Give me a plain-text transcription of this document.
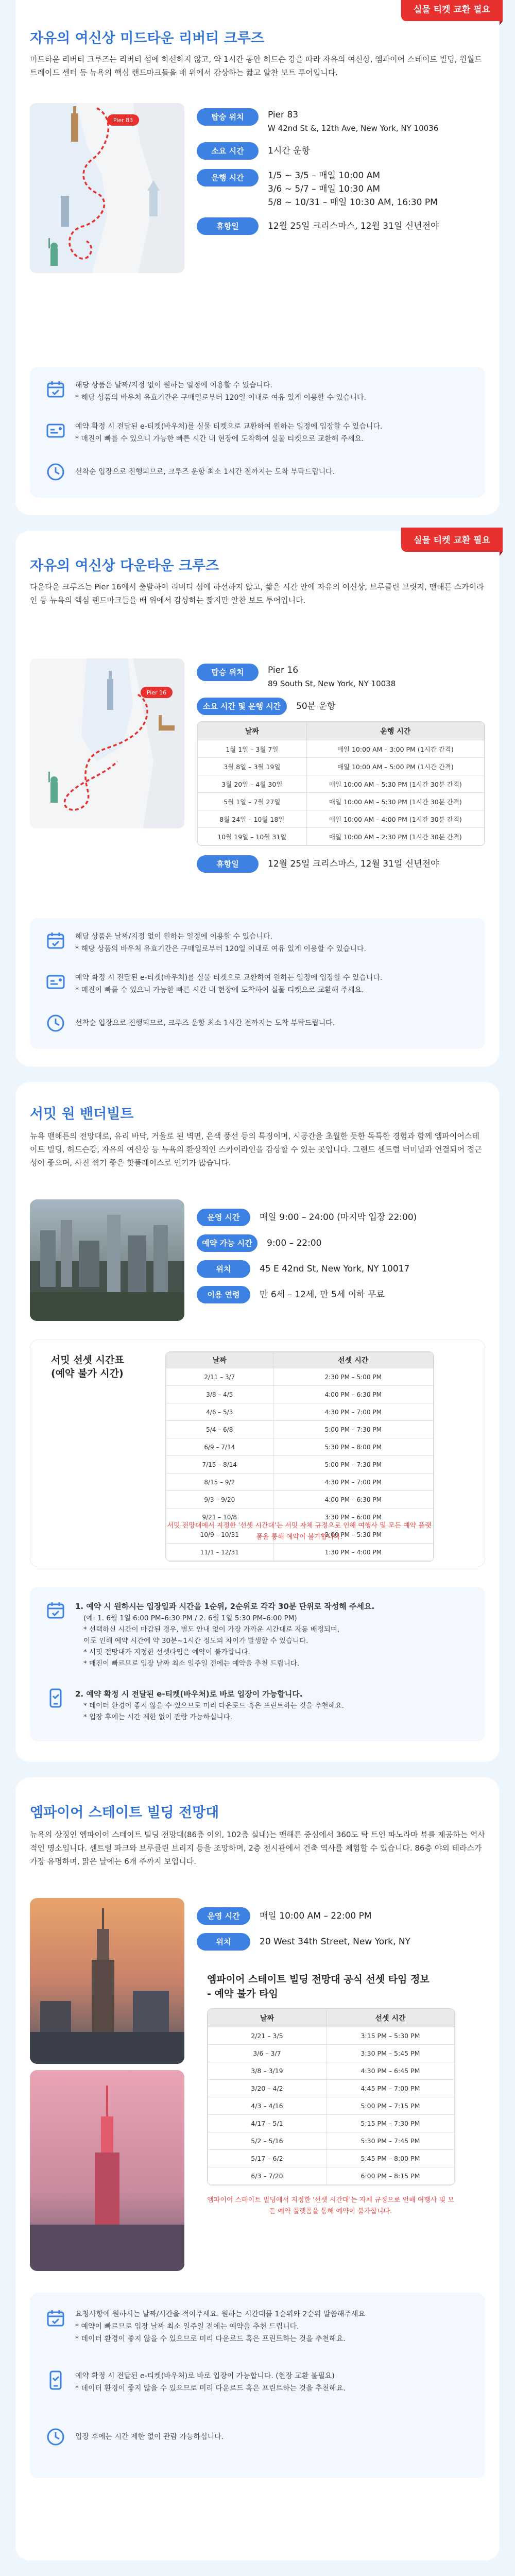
실물 티켓 교환 필요
자유의 여신상 미드타운 리버티 크루즈

미드타운 리버티 크루즈는 리버티 섬에 하선하지 않고, 약 1시간 동안 허드슨 강을 따라 자유의 여신상, 엠파이어 스테이트 빌딩, 원월드 트레이드 센터 등 뉴욕의 핵심 랜드마크들을 배 위에서 감상하는 짧고 알찬 보트 투어입니다.

Pier 83	탑승 위치	Pier 83
W 42nd St &, 12th Ave, New York, NY 10036
소요 시간	1시간 운항
운행 시간	1/5 ~ 3/5 – 매일 10:00 AM
3/6 ~ 5/7 – 매일 10:30 AM
5/8 ~ 10/31 – 매일 10:30 AM, 16:30 PM
휴항일	12월 25일 크리스마스, 12월 31일 신년전야
해당 상품은 날짜/지정 없이 원하는 일정에 이용할 수 있습니다.
* 해당 상품의 바우처 유효기간은 구매일로부터 120일 이내로 여유 있게 이용할 수 있습니다.
예약 확정 시 전달된 e-티켓(바우처)를 실물 티켓으로 교환하여 원하는 일정에 입장할 수 있습니다.
* 매진이 빠를 수 있으니 가능한 빠른 시간 내 현장에 도착하여 실물 티켓으로 교환해 주세요.
선착순 입장으로 진행되므로, 크루즈 운항 최소 1시간 전까지는 도착 부탁드립니다.
실물 티켓 교환 필요
자유의 여신상 다운타운 크루즈

다운타운 크루즈는 Pier 16에서 출발하여 리버티 섬에 하선하지 않고, 짧은 시간 안에 자유의 여신상, 브루클린 브릿지, 맨해튼 스카이라인 등 뉴욕의 핵심 랜드마크들을 배 위에서 감상하는 짧지만 알찬 보트 투어입니다.

Pier 16
탑승 위치	Pier 16
89 South St, New York, NY 10038
소요 시간 및 운행 시간	50분 운항
날짜	운행 시간
1월 1일 – 3월 7일	매일 10:00 AM – 3:00 PM (1시간 간격)
3월 8일 – 3월 19일	매일 10:00 AM – 5:00 PM (1시간 간격)
3월 20일 – 4월 30일	매일 10:00 AM – 5:30 PM (1시간 30분 간격)
5월 1일 – 7월 27일	매일 10:00 AM – 5:30 PM (1시간 30분 간격)
8월 24일 – 10월 18일	매일 10:00 AM – 4:00 PM (1시간 30분 간격)
10월 19일 – 10월 31일	매일 10:00 AM – 2:30 PM (1시간 30분 간격)
휴항일	12월 25일 크리스마스, 12월 31일 신년전야
해당 상품은 날짜/지정 없이 원하는 일정에 이용할 수 있습니다.
* 해당 상품의 바우처 유효기간은 구매일로부터 120일 이내로 여유 있게 이용할 수 있습니다.
예약 확정 시 전달된 e-티켓(바우처)를 실물 티켓으로 교환하여 원하는 일정에 입장할 수 있습니다.
* 매진이 빠를 수 있으니 가능한 빠른 시간 내 현장에 도착하여 실물 티켓으로 교환해 주세요.
선착순 입장으로 진행되므로, 크루즈 운항 최소 1시간 전까지는 도착 부탁드립니다.
서밋 원 밴더빌트

뉴욕 맨해튼의 전망대로, 유리 바닥, 거울로 된 벽면, 은색 풍선 등의 특징이며, 시공간을 초월한 듯한 독특한 경험과 함께 엠파이어스테이트 빌딩, 허드슨강, 자유의 여신상 등 뉴욕의 환상적인 스카이라인을 감상할 수 있는 곳입니다. 그랜드 센트럴 터미널과 연결되어 접근성이 좋으며, 사진 찍기 좋은 핫플레이스로 인기가 많습니다.

운영 시간	매일 9:00 – 24:00 (마지막 입장 22:00)
예약 가능 시간	9:00 – 22:00
위치	45 E 42nd St, New York, NY 10017
이용 연령	만 6세 – 12세, 만 5세 이하 무료
서밋 선셋 시간표
(예약 불가 시간)
날짜	선셋 시간
2/11 – 3/7	2:30 PM – 5:00 PM
3/8 – 4/5	4:00 PM – 6:30 PM
4/6 – 5/3	4:30 PM – 7:00 PM
5/4 – 6/8	5:00 PM – 7:30 PM
6/9 – 7/14	5:30 PM – 8:00 PM
7/15 – 8/14	5:00 PM – 7:30 PM
8/15 – 9/2	4:30 PM – 7:00 PM
9/3 – 9/20	4:00 PM – 6:30 PM
9/21 – 10/8	3:30 PM – 6:00 PM
10/9 – 10/31	3:00 PM – 5:30 PM
11/1 – 12/31	1:30 PM – 4:00 PM
서밋 전망대에서 지정한 '선셋 시간대'는 서밋 자체 규정으로 인해 여행사 및 모든 예약 플랫폼을 통해 예약이 불가합니다.
1. 예약 시 원하시는 입장일과 시간을 1순위, 2순위로 각각 30분 단위로 작성해 주세요.
(예: 1. 6월 1일 6:00 PM–6:30 PM / 2. 6월 1일 5:30 PM–6:00 PM)
* 선택하신 시간이 마감된 경우, 별도 안내 없이 가장 가까운 시간대로 자동 배정되며,
이로 인해 예약 시간에 약 30분~1시간 정도의 차이가 발생할 수 있습니다.
* 서밋 전망대가 지정한 선셋타임은 예약이 불가합니다.
* 매진이 빠르므로 입장 날짜 최소 일주일 전에는 예약을 추천 드립니다.
2. 예약 확정 시 전달된 e-티켓(바우처)로 바로 입장이 가능합니다.
* 데이터 환경이 좋지 않을 수 있으므로 미리 다운로드 혹은 프린트하는 것을 추천해요.
* 입장 후에는 시간 제한 없이 관람 가능하십니다.
엠파이어 스테이트 빌딩 전망대

뉴욕의 상징인 엠파이어 스테이트 빌딩 전망대(86층 이외, 102층 실내)는 맨해튼 중심에서 360도 탁 트인 파노라마 뷰를 제공하는 역사적인 명소입니다. 센트럴 파크와 브루클린 브리지 등을 조망하며, 2층 전시관에서 건축 역사를 체험할 수 있습니다. 86층 야외 테라스가 가장 유명하며, 맑은 날에는 6개 주까지 보입니다.

운영 시간	매일 10:00 AM – 22:00 PM
위치	20 West 34th Street, New York, NY
엠파이어 스테이트 빌딩 전망대 공식 선셋 타임 정보
- 예약 불가 타임
날짜	선셋 시간
2/21 – 3/5	3:15 PM – 5:30 PM
3/6 – 3/7	3:30 PM – 5:45 PM
3/8 – 3/19	4:30 PM – 6:45 PM
3/20 – 4/2	4:45 PM – 7:00 PM
4/3 – 4/16	5:00 PM – 7:15 PM
4/17 – 5/1	5:15 PM – 7:30 PM
5/2 – 5/16	5:30 PM – 7:45 PM
5/17 – 6/2	5:45 PM – 8:00 PM
6/3 – 7/20	6:00 PM – 8:15 PM
엠파이어 스테이트 빌딩에서 지정한 '선셋 시간대'는 자체 규정으로 인해 여행사 및 모든 예약 플랫폼을 통해 예약이 불가합니다.
요청사항에 원하시는 날짜/시간을 적어주세요. 원하는 시간대를 1순위와 2순위 말씀해주세요
* 예약이 빠르므로 입장 날짜 최소 일주일 전에는 예약을 추천 드립니다.
* 데이터 환경이 좋지 않을 수 있으므로 미리 다운로드 혹은 프린트하는 것을 추천해요.
예약 확정 시 전달된 e-티켓(바우처)로 바로 입장이 가능합니다. (현장 교환 불필요)
* 데이터 환경이 좋지 않을 수 있으므로 미리 다운로드 혹은 프린트하는 것을 추천해요.
입장 후에는 시간 제한 없이 관람 가능하십니다.
